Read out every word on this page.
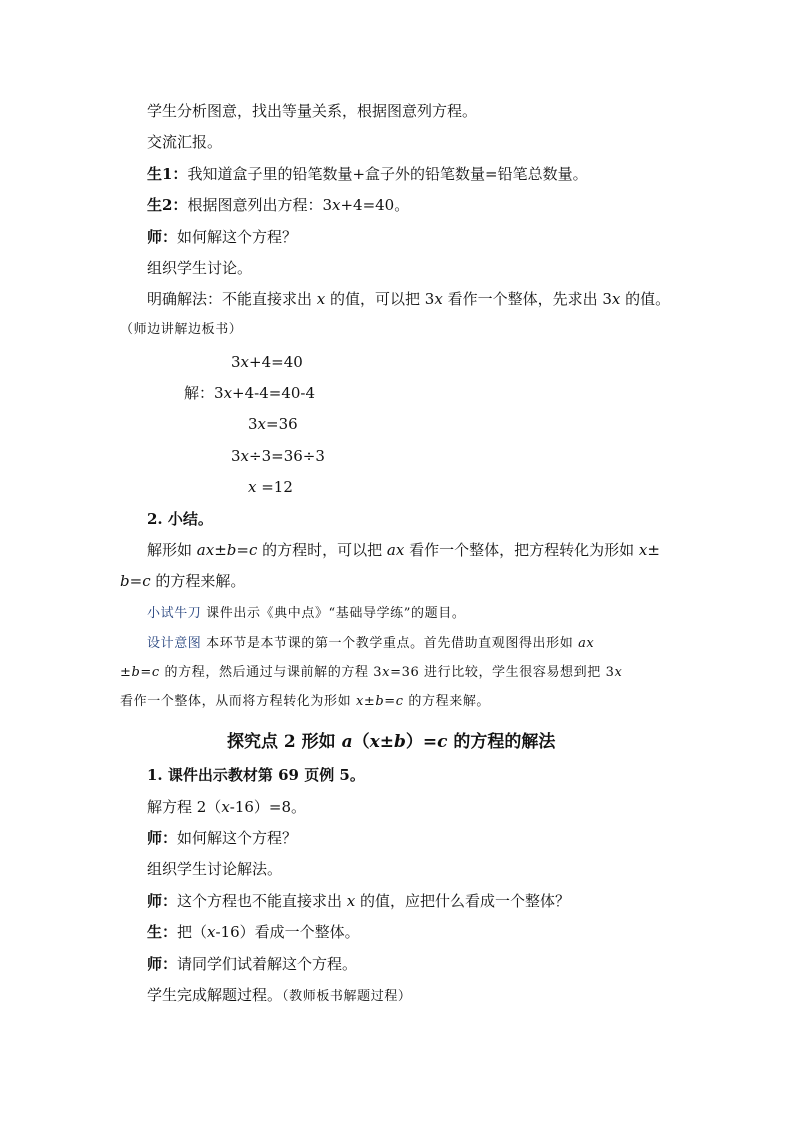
学生分析图意，找出等量关系，根据图意列方程。
交流汇报。
生1：我知道盒子里的铅笔数量+盒子外的铅笔数量=铅笔总数量。
生2：根据图意列出方程：3x+4=40。
师：如何解这个方程？
组织学生讨论。
明确解法：不能直接求出 x 的值，可以把 3x 看作一个整体，先求出 3x 的值。
（师边讲解边板书）
3x+4=40
解：3x+4-4=40-4
3x=36
3x÷3=36÷3
x =12
2. 小结。
解形如 ax±b=c 的方程时，可以把 ax 看作一个整体，把方程转化为形如 x±
b=c 的方程来解。
小试牛刀 课件出示《典中点》“基础导学练”的题目。
设计意图 本环节是本节课的第一个教学重点。首先借助直观图得出形如 ax
±b=c 的方程，然后通过与课前解的方程 3x=36 进行比较，学生很容易想到把 3x
看作一个整体，从而将方程转化为形如 x±b=c 的方程来解。
探究点 2 形如 a（x±b）=c 的方程的解法
1. 课件出示教材第 69 页例 5。
解方程 2（x-16）=8。
师：如何解这个方程？
组织学生讨论解法。
师：这个方程也不能直接求出 x 的值，应把什么看成一个整体？
生：把（x-16）看成一个整体。
师：请同学们试着解这个方程。
学生完成解题过程。（教师板书解题过程）
